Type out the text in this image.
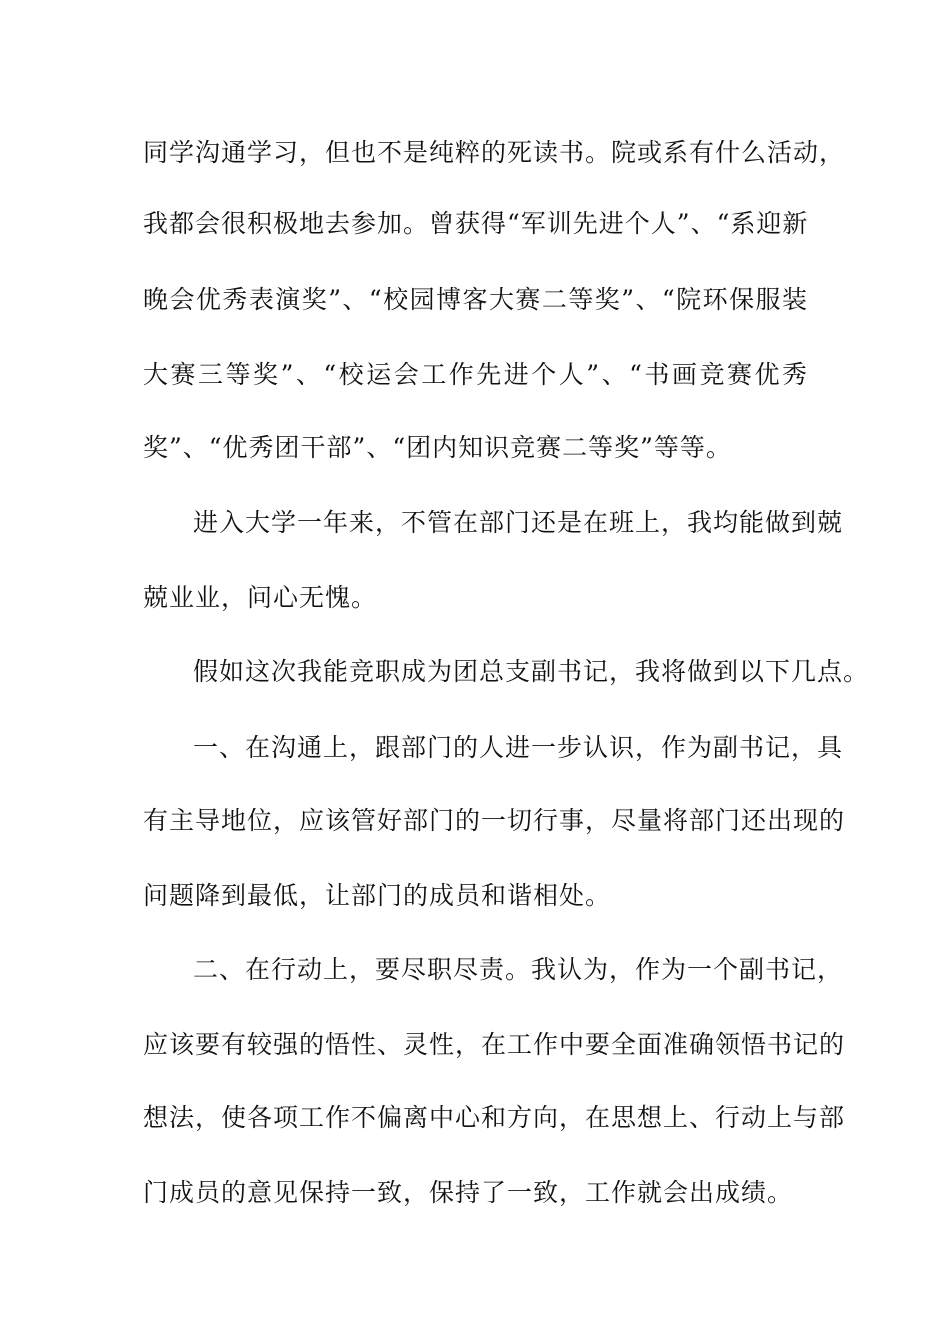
同学沟通学习，但也不是纯粹的死读书。院或系有什么活动，
我都会很积极地去参加。曾获得“军训先进个人”、“系迎新
晚会优秀表演奖”、“校园博客大赛二等奖”、“院环保服装
大赛三等奖”、“校运会工作先进个人”、“书画竞赛优秀
奖”、“优秀团干部”、“团内知识竞赛二等奖”等等。
进入大学一年来，不管在部门还是在班上，我均能做到兢
兢业业，问心无愧。
假如这次我能竞职成为团总支副书记，我将做到以下几点。
一、在沟通上，跟部门的人进一步认识，作为副书记，具
有主导地位，应该管好部门的一切行事，尽量将部门还出现的
问题降到最低，让部门的成员和谐相处。
二、在行动上，要尽职尽责。我认为，作为一个副书记，
应该要有较强的悟性、灵性，在工作中要全面准确领悟书记的
想法，使各项工作不偏离中心和方向，在思想上、行动上与部
门成员的意见保持一致，保持了一致，工作就会出成绩。
